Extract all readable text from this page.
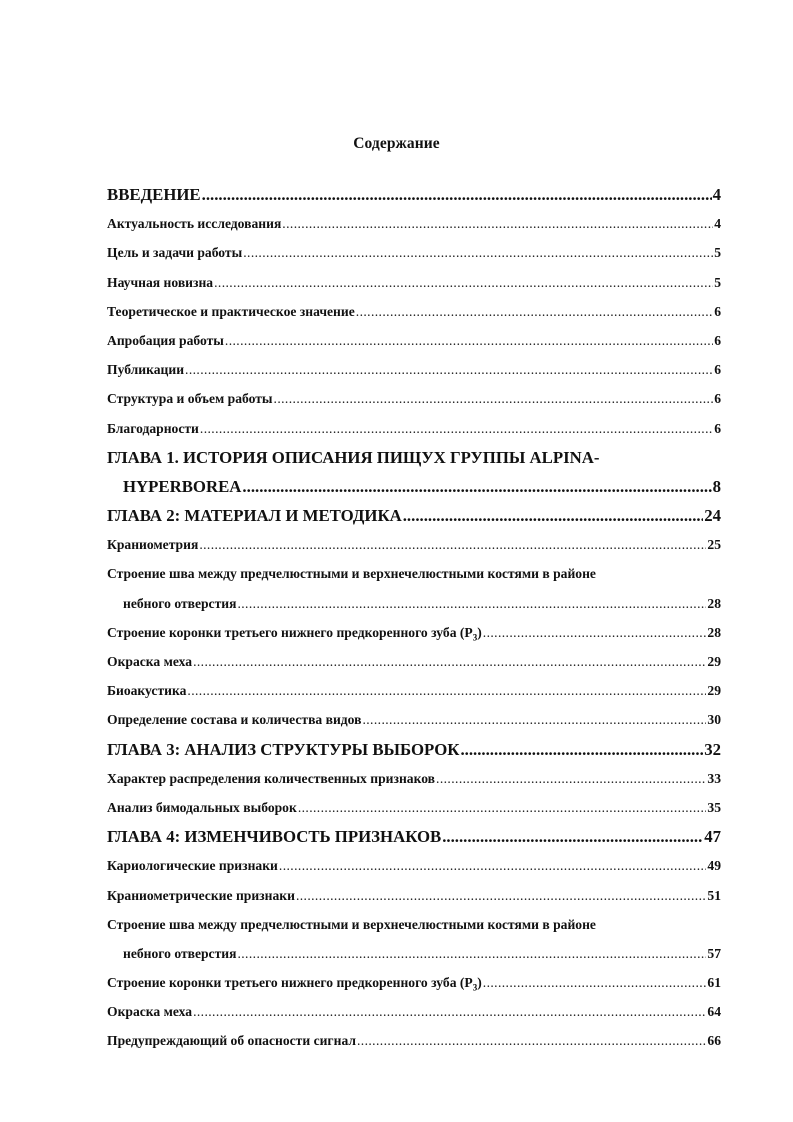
Содержание
ВВЕДЕНИЕ .....	4
Актуальность исследования .....	4
Цель и задачи работы .....	5
Научная новизна .....	5
Теоретическое и практическое значение .....	6
Апробация работы .....	6
Публикации .....	6
Структура и объем работы .....	6
Благодарности .....	6
ГЛАВА 1. ИСТОРИЯ ОПИСАНИЯ ПИЩУХ ГРУППЫ ALPINA-
HYPERBOREA .....	8
ГЛАВА 2: МАТЕРИАЛ И МЕТОДИКА .....	24
Краниометрия .....	25
Строение шва между предчелюстными и верхнечелюстными костями в районе
небного отверстия .....	28
Строение коронки третьего нижнего предкоренного зуба $(P_3)$ .....	28
Окраска меха .....	29
Биоакустика .....	29
Определение состава и количества видов .....	30
ГЛАВА 3: АНАЛИЗ СТРУКТУРЫ ВЫБОРОК .....	32
Характер распределения количественных признаков .....	33
Анализ бимодальных выборок .....	35
ГЛАВА 4: ИЗМЕНЧИВОСТЬ ПРИЗНАКОВ .....	47
Кариологические признаки .....	49
Краниометрические признаки .....	51
Строение шва между предчелюстными и верхнечелюстными костями в районе
небного отверстия .....	57
Строение коронки третьего нижнего предкоренного зуба $(P_3)$ .....	61
Окраска меха .....	64
Предупреждающий об опасности сигнал .....	66
